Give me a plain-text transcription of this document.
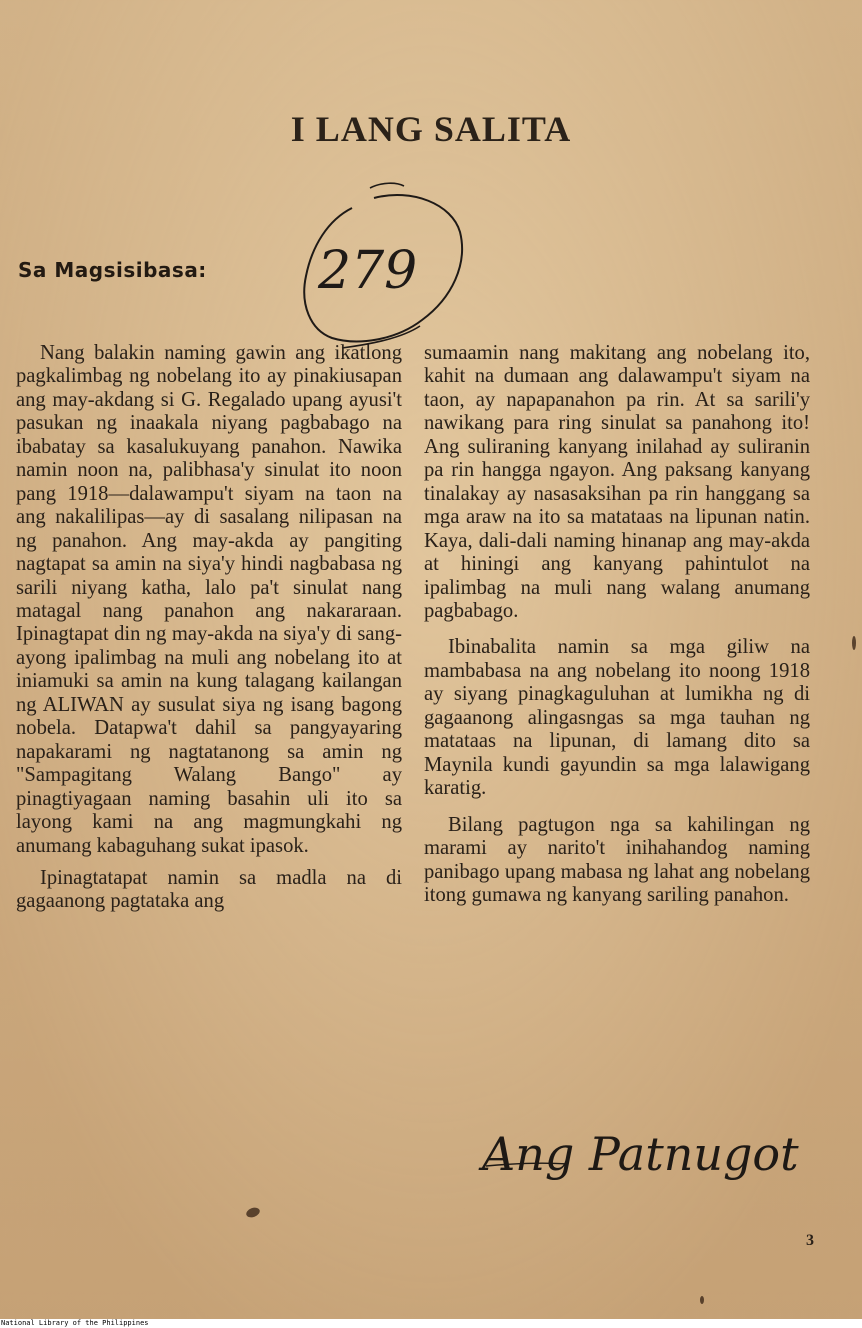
I LANG SALITA
Sa Magsisibasa: 279

Nang balakin naming gawin ang ikatlong pagkalimbag ng nobelang ito ay pinakiusapan ang may-akdang si G. Regalado upang ayusi't pasukan ng inaakala niyang pagbabago na ibabatay sa kasalukuyang panahon. Nawika namin noon na, palibhasa'y sinulat ito noon pang 1918—dalawampu't siyam na taon na ang nakalilipas—ay di sasalang nilipasan na ng panahon. Ang may-akda ay pangiting nagtapat sa amin na siya'y hindi nagbabasa ng sarili niyang katha, lalo pa't sinulat nang matagal nang panahon ang nakararaan. Ipinagtapat din ng may-akda na siya'y di sang-ayong ipalimbag na muli ang nobelang ito at iniamuki sa amin na kung talagang kailangan ng ALIWAN ay susulat siya ng isang bagong nobela. Datapwa't dahil sa pangyayaring napakarami ng nagtatanong sa amin ng "Sampagitang Walang Bango" ay pinagtiyagaan naming basahin uli ito sa layong kami na ang magmungkahi ng anumang kabaguhang sukat ipasok.

Ipinagtatapat namin sa madla na di gagaanong pagtataka ang

sumaamin nang makitang ang nobelang ito, kahit na dumaan ang dalawampu't siyam na taon, ay napapanahon pa rin. At sa sarili'y nawikang para ring sinulat sa panahong ito! Ang suliraning kanyang inilahad ay suliranin pa rin hangga ngayon. Ang paksang kanyang tinalakay ay nasasaksihan pa rin hanggang sa mga araw na ito sa matataas na lipunan natin. Kaya, dali-dali naming hinanap ang may-akda at hiningi ang kanyang pahintulot na ipalimbag na muli nang walang anumang pagbabago.

Ibinabalita namin sa mga giliw na mambabasa na ang nobelang ito noong 1918 ay siyang pinagkaguluhan at lumikha ng di gagaanong alingasngas sa mga tauhan ng matataas na lipunan, di lamang dito sa Maynila kundi gayundin sa mga lalawigang karatig.

Bilang pagtugon nga sa kahilingan ng marami ay narito't inihahandog naming panibago upang mabasa ng lahat ang nobelang itong gumawa ng kanyang sariling panahon.

Ang Patnugot
3
National Library of the Philippines
